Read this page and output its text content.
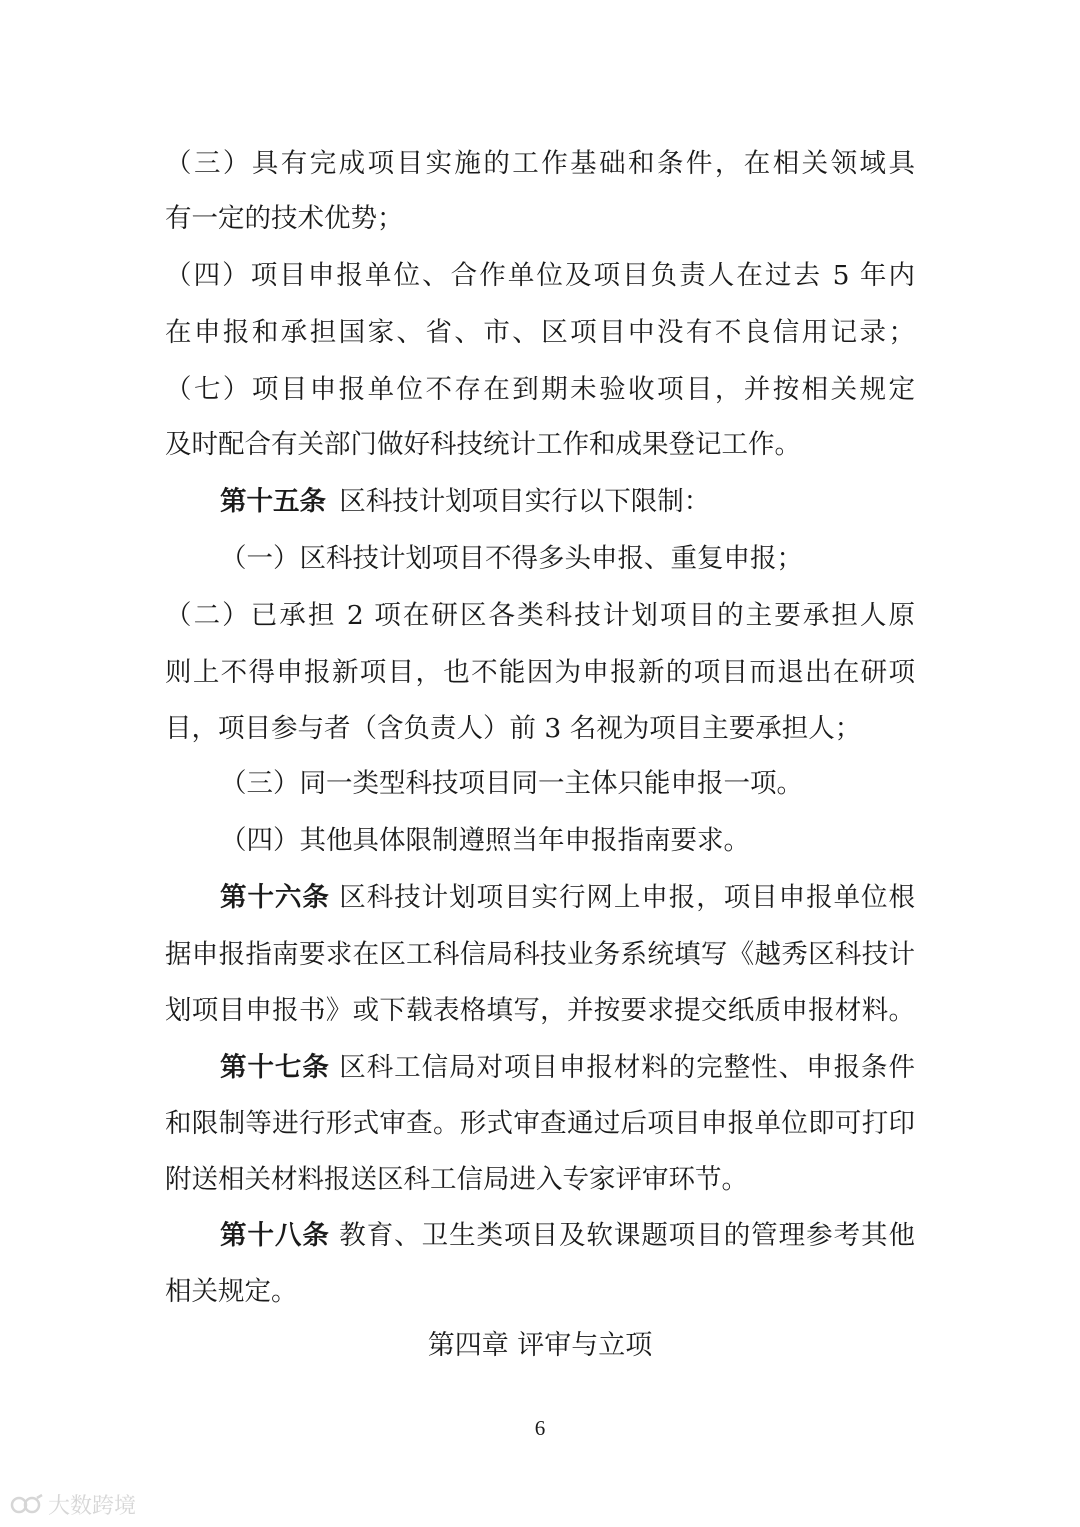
（三）具有完成项目实施的工作基础和条件，在相关领域具
有一定的技术优势；
（四）项目申报单位、合作单位及项目负责人在过去 5 年内
在申报和承担国家、省、市、区项目中没有不良信用记录；
（七）项目申报单位不存在到期未验收项目，并按相关规定
及时配合有关部门做好科技统计工作和成果登记工作。
第十五条 区科技计划项目实行以下限制：
（一）区科技计划项目不得多头申报、重复申报；
（二）已承担 2 项在研区各类科技计划项目的主要承担人原
则上不得申报新项目，也不能因为申报新的项目而退出在研项
目，项目参与者（含负责人）前 3 名视为项目主要承担人；
（三）同一类型科技项目同一主体只能申报一项。
（四）其他具体限制遵照当年申报指南要求。
第十六条 区科技计划项目实行网上申报，项目申报单位根
据申报指南要求在区工科信局科技业务系统填写《越秀区科技计
划项目申报书》或下载表格填写，并按要求提交纸质申报材料。
第十七条 区科工信局对项目申报材料的完整性、申报条件
和限制等进行形式审查。形式审查通过后项目申报单位即可打印
附送相关材料报送区科工信局进入专家评审环节。
第十八条 教育、卫生类项目及软课题项目的管理参考其他
相关规定。
第四章 评审与立项
6
大数跨境
